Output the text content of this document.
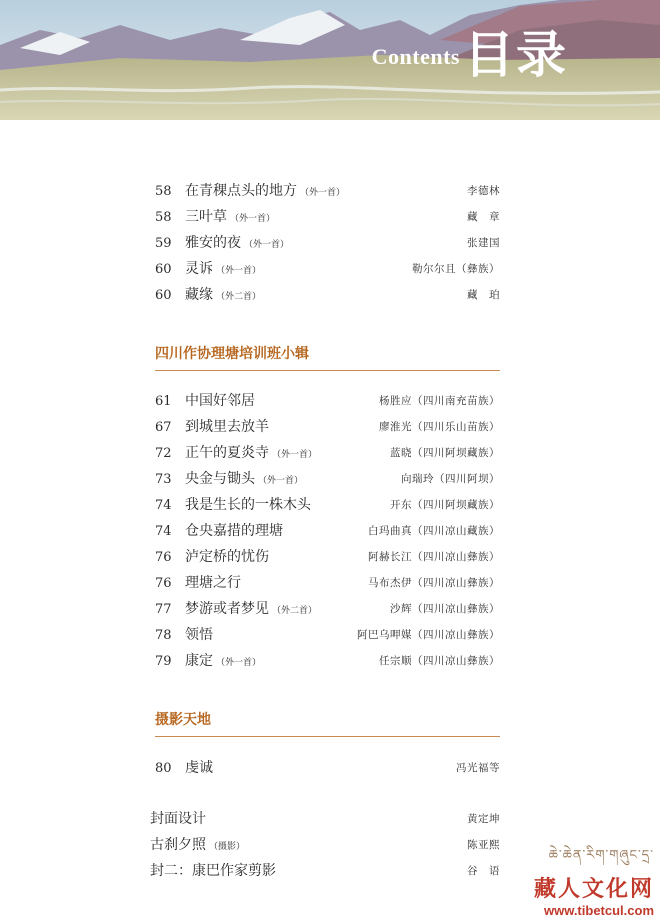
Contents 目录
58 在青稞点头的地方 （外一首）	李德林
58 三叶草 （外一首）	藏　章
59 雅安的夜 （外一首）	张建国
60 灵诉 （外一首）	勒尔尔且（彝族）
60 藏缘 （外二首）	藏　珀
四川作协理塘培训班小辑
61 中国好邻居	杨胜应（四川南充苗族）
67 到城里去放羊	廖淮光（四川乐山苗族）
72 正午的夏炎寺 （外一首）	蓝晓（四川阿坝藏族）
73 央金与锄头 （外一首）	向瑞玲（四川阿坝）
74 我是生长的一株木头	开东（四川阿坝藏族）
74 仓央嘉措的理塘	白玛曲真（四川凉山藏族）
76 泸定桥的忧伤	阿赫长江（四川凉山彝族）
76 理塘之行	马布杰伊（四川凉山彝族）
77 梦游或者梦见 （外二首）	沙辉（四川凉山彝族）
78 领悟	阿巴乌呷媒（四川凉山彝族）
79 康定 （外一首）	任宗顺（四川凉山彝族）
摄影天地
80 虔诚	冯光福等
封面设计	黄定坤
古刹夕照 （摄影）	陈亚熙
封二：康巴作家剪影	谷　语
ཆེ་ཆེན་རིག་གཞུང་དྲ་
藏人文化网
www.tibetcul.com
